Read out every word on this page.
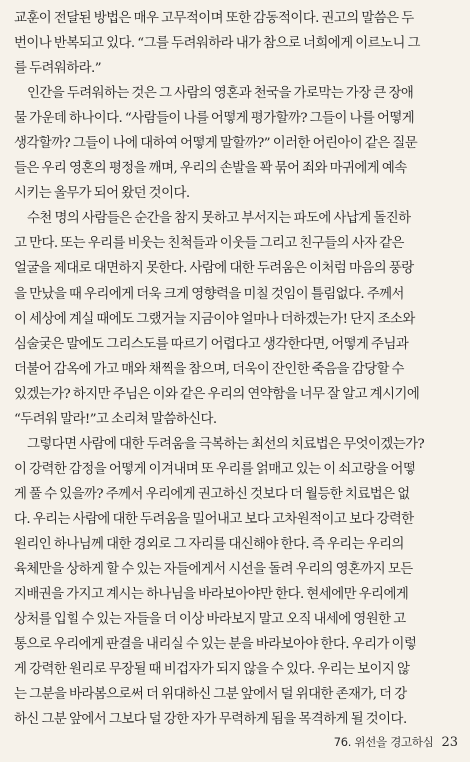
교훈이 전달된 방법은 매우 고무적이며 또한 감동적이다. 권고의 말씀은 두
번이나 반복되고 있다. “그를 두려워하라 내가 참으로 너희에게 이르노니 그
를 두려워하라.”
인간을 두려워하는 것은 그 사람의 영혼과 천국을 가로막는 가장 큰 장애
물 가운데 하나이다. “사람들이 나를 어떻게 평가할까? 그들이 나를 어떻게
생각할까? 그들이 나에 대하여 어떻게 말할까?” 이러한 어린아이 같은 질문
들은 우리 영혼의 평정을 깨며, 우리의 손발을 꽉 묶어 죄와 마귀에게 예속
시키는 올무가 되어 왔던 것이다.
수천 명의 사람들은 순간을 참지 못하고 부서지는 파도에 사납게 돌진하
고 만다. 또는 우리를 비웃는 친척들과 이웃들 그리고 친구들의 사자 같은
얼굴을 제대로 대면하지 못한다. 사람에 대한 두려움은 이처럼 마음의 풍랑
을 만났을 때 우리에게 더욱 크게 영향력을 미칠 것임이 틀림없다. 주께서
이 세상에 계실 때에도 그랬거늘 지금이야 얼마나 더하겠는가! 단지 조소와
심술궂은 말에도 그리스도를 따르기 어렵다고 생각한다면, 어떻게 주님과
더불어 감옥에 가고 매와 채찍을 참으며, 더욱이 잔인한 죽음을 감당할 수
있겠는가? 하지만 주님은 이와 같은 우리의 연약함을 너무 잘 알고 계시기에
“두려워 말라!”고 소리쳐 말씀하신다.
그렇다면 사람에 대한 두려움을 극복하는 최선의 치료법은 무엇이겠는가?
이 강력한 감정을 어떻게 이겨내며 또 우리를 얽매고 있는 이 쇠고랑을 어떻
게 풀 수 있을까? 주께서 우리에게 권고하신 것보다 더 월등한 치료법은 없
다. 우리는 사람에 대한 두려움을 밀어내고 보다 고차원적이고 보다 강력한
원리인 하나님께 대한 경외로 그 자리를 대신해야 한다. 즉 우리는 우리의
육체만을 상하게 할 수 있는 자들에게서 시선을 돌려 우리의 영혼까지 모든
지배권을 가지고 계시는 하나님을 바라보아야만 한다. 현세에만 우리에게
상처를 입힐 수 있는 자들을 더 이상 바라보지 말고 오직 내세에 영원한 고
통으로 우리에게 판결을 내리실 수 있는 분을 바라보아야 한다. 우리가 이렇
게 강력한 원리로 무장될 때 비겁자가 되지 않을 수 있다. 우리는 보이지 않
는 그분을 바라봄으로써 더 위대하신 그분 앞에서 덜 위대한 존재가, 더 강
하신 그분 앞에서 그보다 덜 강한 자가 무력하게 됨을 목격하게 될 것이다.
76. 위선을 경고하심 23
